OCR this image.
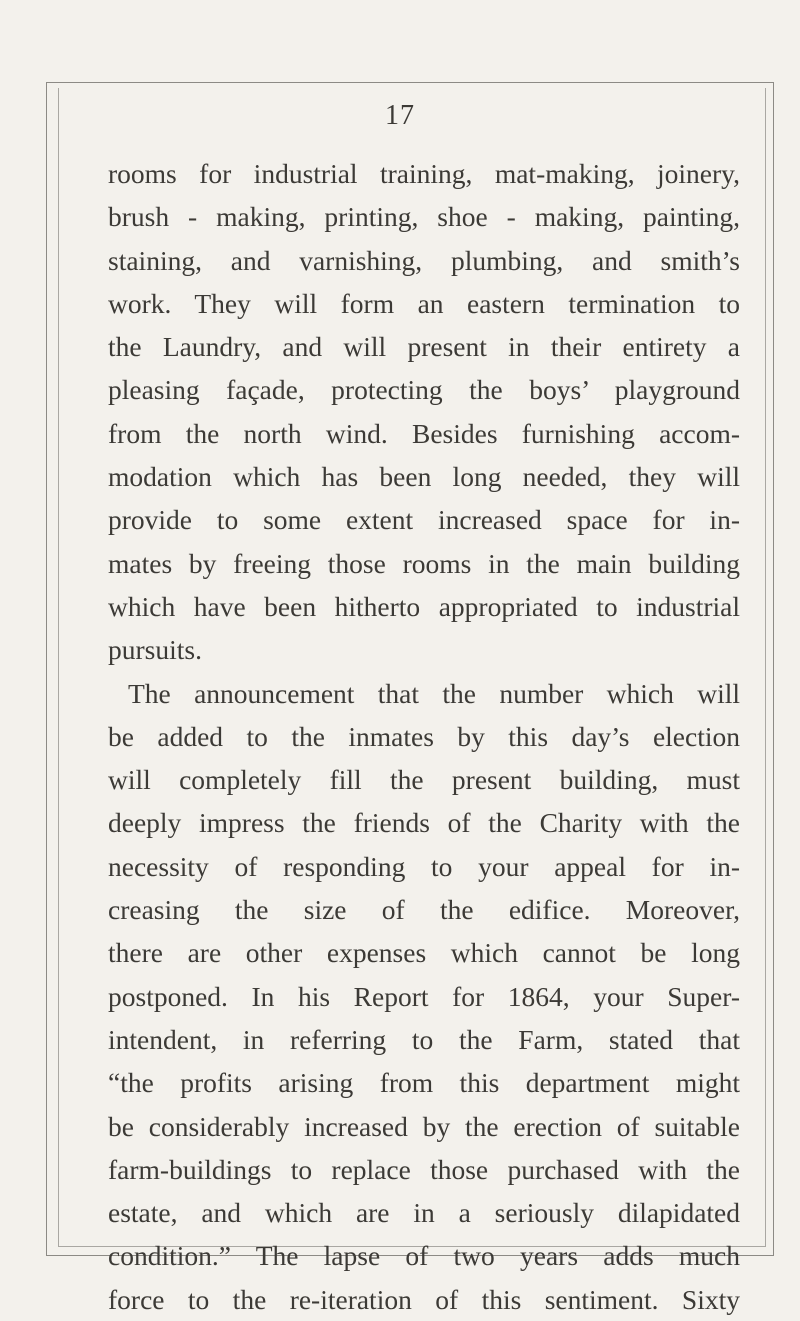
17
rooms for industrial training, mat-making, joinery,
brush - making, printing, shoe - making, painting,
staining, and varnishing, plumbing, and smith’s
work. They will form an eastern termination to
the Laundry, and will present in their entirety a
pleasing façade, protecting the boys’ playground
from the north wind. Besides furnishing accom-
modation which has been long needed, they will
provide to some extent increased space for in-
mates by freeing those rooms in the main building
which have been hitherto appropriated to industrial
pursuits.
The announcement that the number which will
be added to the inmates by this day’s election
will completely fill the present building, must
deeply impress the friends of the Charity with the
necessity of responding to your appeal for in-
creasing the size of the edifice. Moreover,
there are other expenses which cannot be long
postponed. In his Report for 1864, your Super-
intendent, in referring to the Farm, stated that
“the profits arising from this department might
be considerably increased by the erection of suitable
farm-buildings to replace those purchased with the
estate, and which are in a seriously dilapidated
condition.” The lapse of two years adds much
force to the re-iteration of this sentiment. Sixty
